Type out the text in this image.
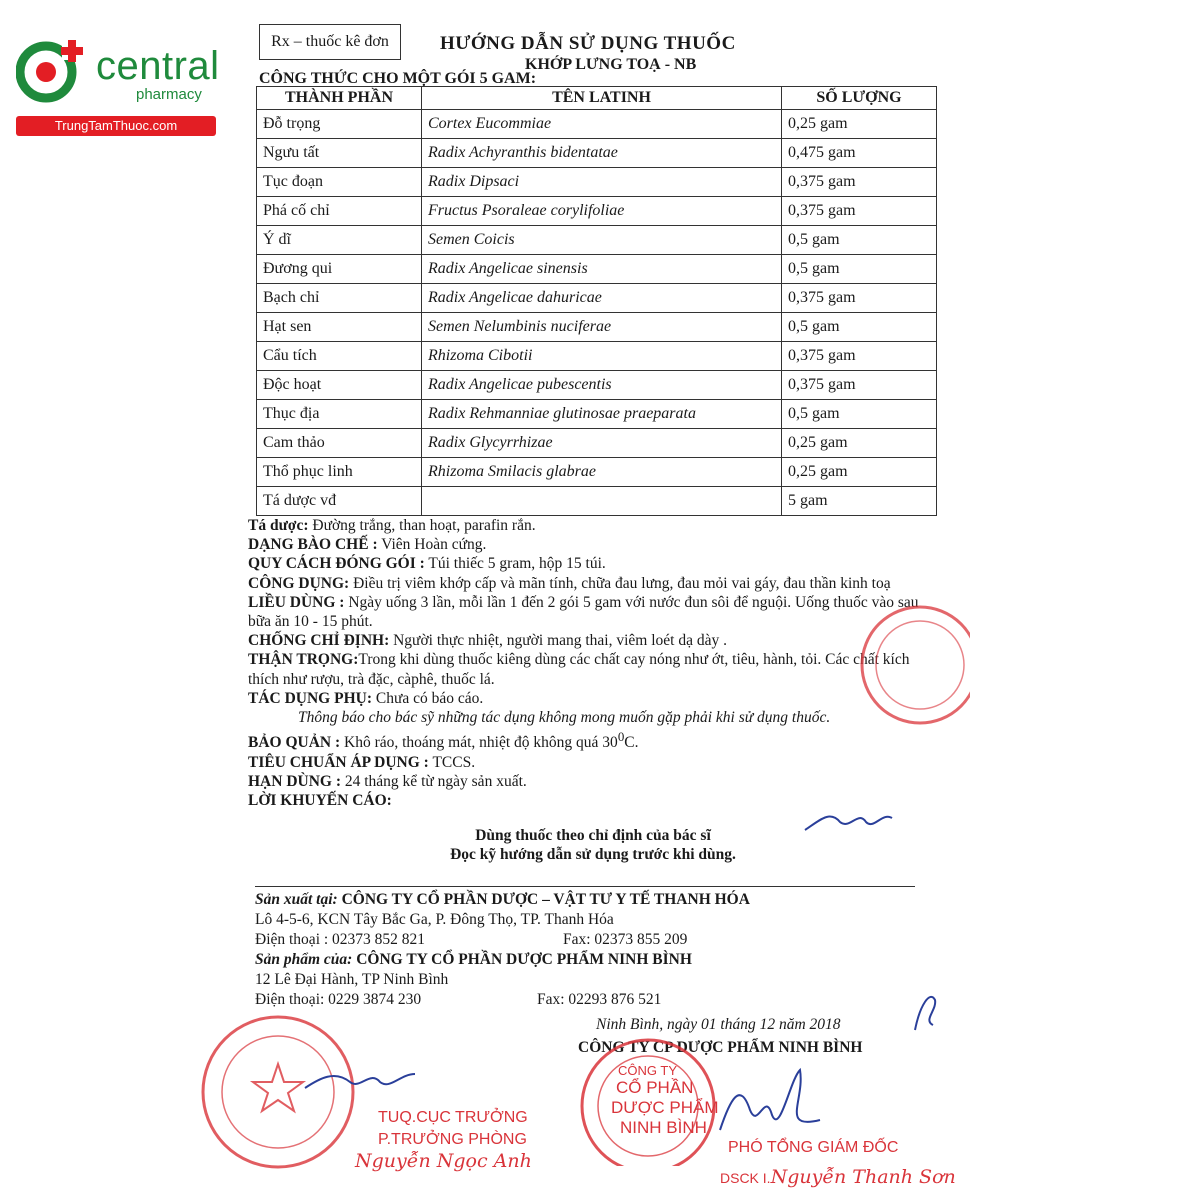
central
pharmacy
TrungTamThuoc.com
Rx – thuốc kê đơn	HƯỚNG DẪN SỬ DỤNG THUỐC
KHỚP LƯNG TOẠ - NB
CÔNG THỨC CHO MỘT GÓI 5 GAM:
THÀNH PHẦN	TÊN LATINH	SỐ LƯỢNG
Đỗ trọng	Cortex Eucommiae	0,25 gam
Ngưu tất	Radix Achyranthis bidentatae	0,475 gam
Tục đoạn	Radix Dipsaci	0,375 gam
Phá cố chỉ	Fructus Psoraleae corylifoliae	0,375 gam
Ý dĩ	Semen Coicis	0,5 gam
Đương qui	Radix Angelicae sinensis	0,5 gam
Bạch chỉ	Radix Angelicae dahuricae	0,375 gam
Hạt sen	Semen Nelumbinis nuciferae	0,5 gam
Cẩu tích	Rhizoma Cibotii	0,375 gam
Độc hoạt	Radix Angelicae pubescentis	0,375 gam
Thục địa	Radix Rehmanniae glutinosae praeparata	0,5 gam
Cam thảo	Radix Glycyrrhizae	0,25 gam
Thổ phục linh	Rhizoma Smilacis glabrae	0,25 gam
Tá dược vđ		5 gam

Tá dược: Đường trắng, than hoạt, parafin rắn.

DẠNG BÀO CHẾ : Viên Hoàn cứng.

QUY CÁCH ĐÓNG GÓI : Túi thiếc 5 gram, hộp 15 túi.

CÔNG DỤNG: Điều trị viêm khớp cấp và mãn tính, chữa đau lưng, đau mỏi vai gáy, đau thần kinh toạ

LIỀU DÙNG : Ngày uống 3 lần, mỗi lần 1 đến 2 gói 5 gam với nước đun sôi để nguội. Uống thuốc vào sau bữa ăn 10 - 15 phút.

CHỐNG CHỈ ĐỊNH: Người thực nhiệt, người mang thai, viêm loét dạ dày .

THẬN TRỌNG:Trong khi dùng thuốc kiêng dùng các chất cay nóng như ớt, tiêu, hành, tỏi. Các chất kích thích như rượu, trà đặc, càphê, thuốc lá.

TÁC DỤNG PHỤ: Chưa có báo cáo.

Thông báo cho bác sỹ những tác dụng không mong muốn gặp phải khi sử dụng thuốc.

BẢO QUẢN : Khô ráo, thoáng mát, nhiệt độ không quá $30^0C$.

TIÊU CHUẨN ÁP DỤNG : TCCS.

HẠN DÙNG : 24 tháng kể từ ngày sản xuất.

LỜI KHUYẾN CÁO:

Dùng thuốc theo chỉ định của bác sĩ

Đọc kỹ hướng dẫn sử dụng trước khi dùng.

Sản xuất tại: CÔNG TY CỔ PHẦN DƯỢC – VẬT TƯ Y TẾ THANH HÓA

Lô 4-5-6, KCN Tây Bắc Ga, P. Đông Thọ, TP. Thanh Hóa

Điện thoại : 02373 852 821	Fax: 02373 855 209

Sản phẩm của: CÔNG TY CỔ PHẦN DƯỢC PHẨM NINH BÌNH

12 Lê Đại Hành, TP Ninh Bình

Điện thoại: 0229 3874 230	Fax: 02293 876 521

Ninh Bình, ngày 01 tháng 12 năm 2018
CÔNG TY CP DƯỢC PHẨM NINH BÌNH
CÔNG TY
CỔ PHẦN
DƯỢC PHẨM
NINH BÌNH
TUQ.CỤC TRƯỞNG
P.TRƯỞNG PHÒNG
Nguyễn Ngọc Anh
PHÓ TỔNG GIÁM ĐỐC
DSCK I.Nguyễn Thanh Sơn
